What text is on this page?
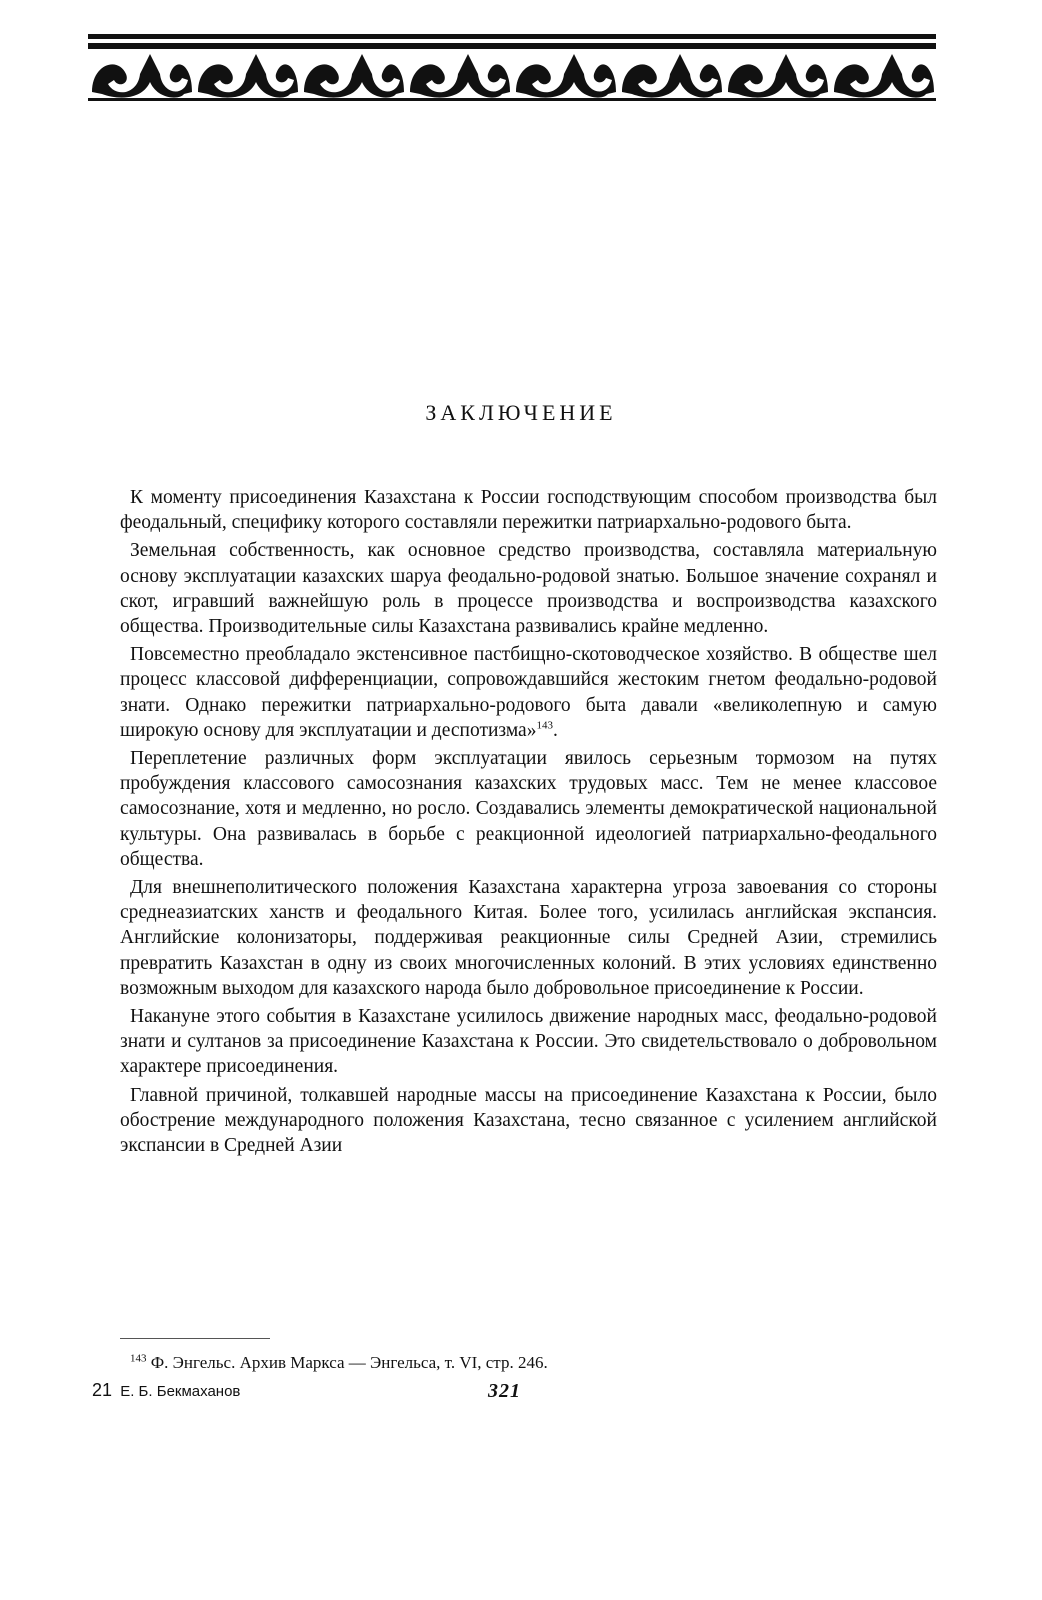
ЗАКЛЮЧЕНИЕ

К моменту присоединения Казахстана к России господствующим способом производства был феодальный, специфику которого составляли пережитки патриархально-родового быта.

Земельная собственность, как основное средство производства, составляла материальную основу эксплуатации казахских шаруа феодально-родовой знатью. Большое значение сохранял и скот, игравший важнейшую роль в процессе производства и воспроизводства казахского общества. Производительные силы Казахстана развивались крайне медленно.

Повсеместно преобладало экстенсивное пастбищно-скотоводческое хозяйство. В обществе шел процесс классовой дифференциации, сопровождавшийся жестоким гнетом феодально-родовой знати. Однако пережитки патриархально-родового быта давали «великолепную и самую широкую основу для эксплуатации и деспотизма»$^{143}$.

Переплетение различных форм эксплуатации явилось серьезным тормозом на путях пробуждения классового самосознания казахских трудовых масс. Тем не менее классовое самосознание, хотя и медленно, но росло. Создавались элементы демократической национальной культуры. Она развивалась в борьбе с реакционной идеологией патриархально-феодального общества.

Для внешнеполитического положения Казахстана характерна угроза завоевания со стороны среднеазиатских ханств и феодального Китая. Более того, усилилась английская экспансия. Английские колонизаторы, поддерживая реакционные силы Средней Азии, стремились превратить Казахстан в одну из своих многочисленных колоний. В этих условиях единственно возможным выходом для казахского народа было добровольное присоединение к России.

Накануне этого события в Казахстане усилилось движение народных масс, феодально-родовой знати и султанов за присоединение Казахстана к России. Это свидетельствовало о добровольном характере присоединения.

Главной причиной, толкавшей народные массы на присоединение Казахстана к России, было обострение международного положения Казахстана, тесно связанное с усилением английской экспансии в Средней Азии

$^{143}$ Ф. Энгельс. Архив Маркса — Энгельса, т. VI, стр. 246.

21 Е. Б. Бекмаханов	321
